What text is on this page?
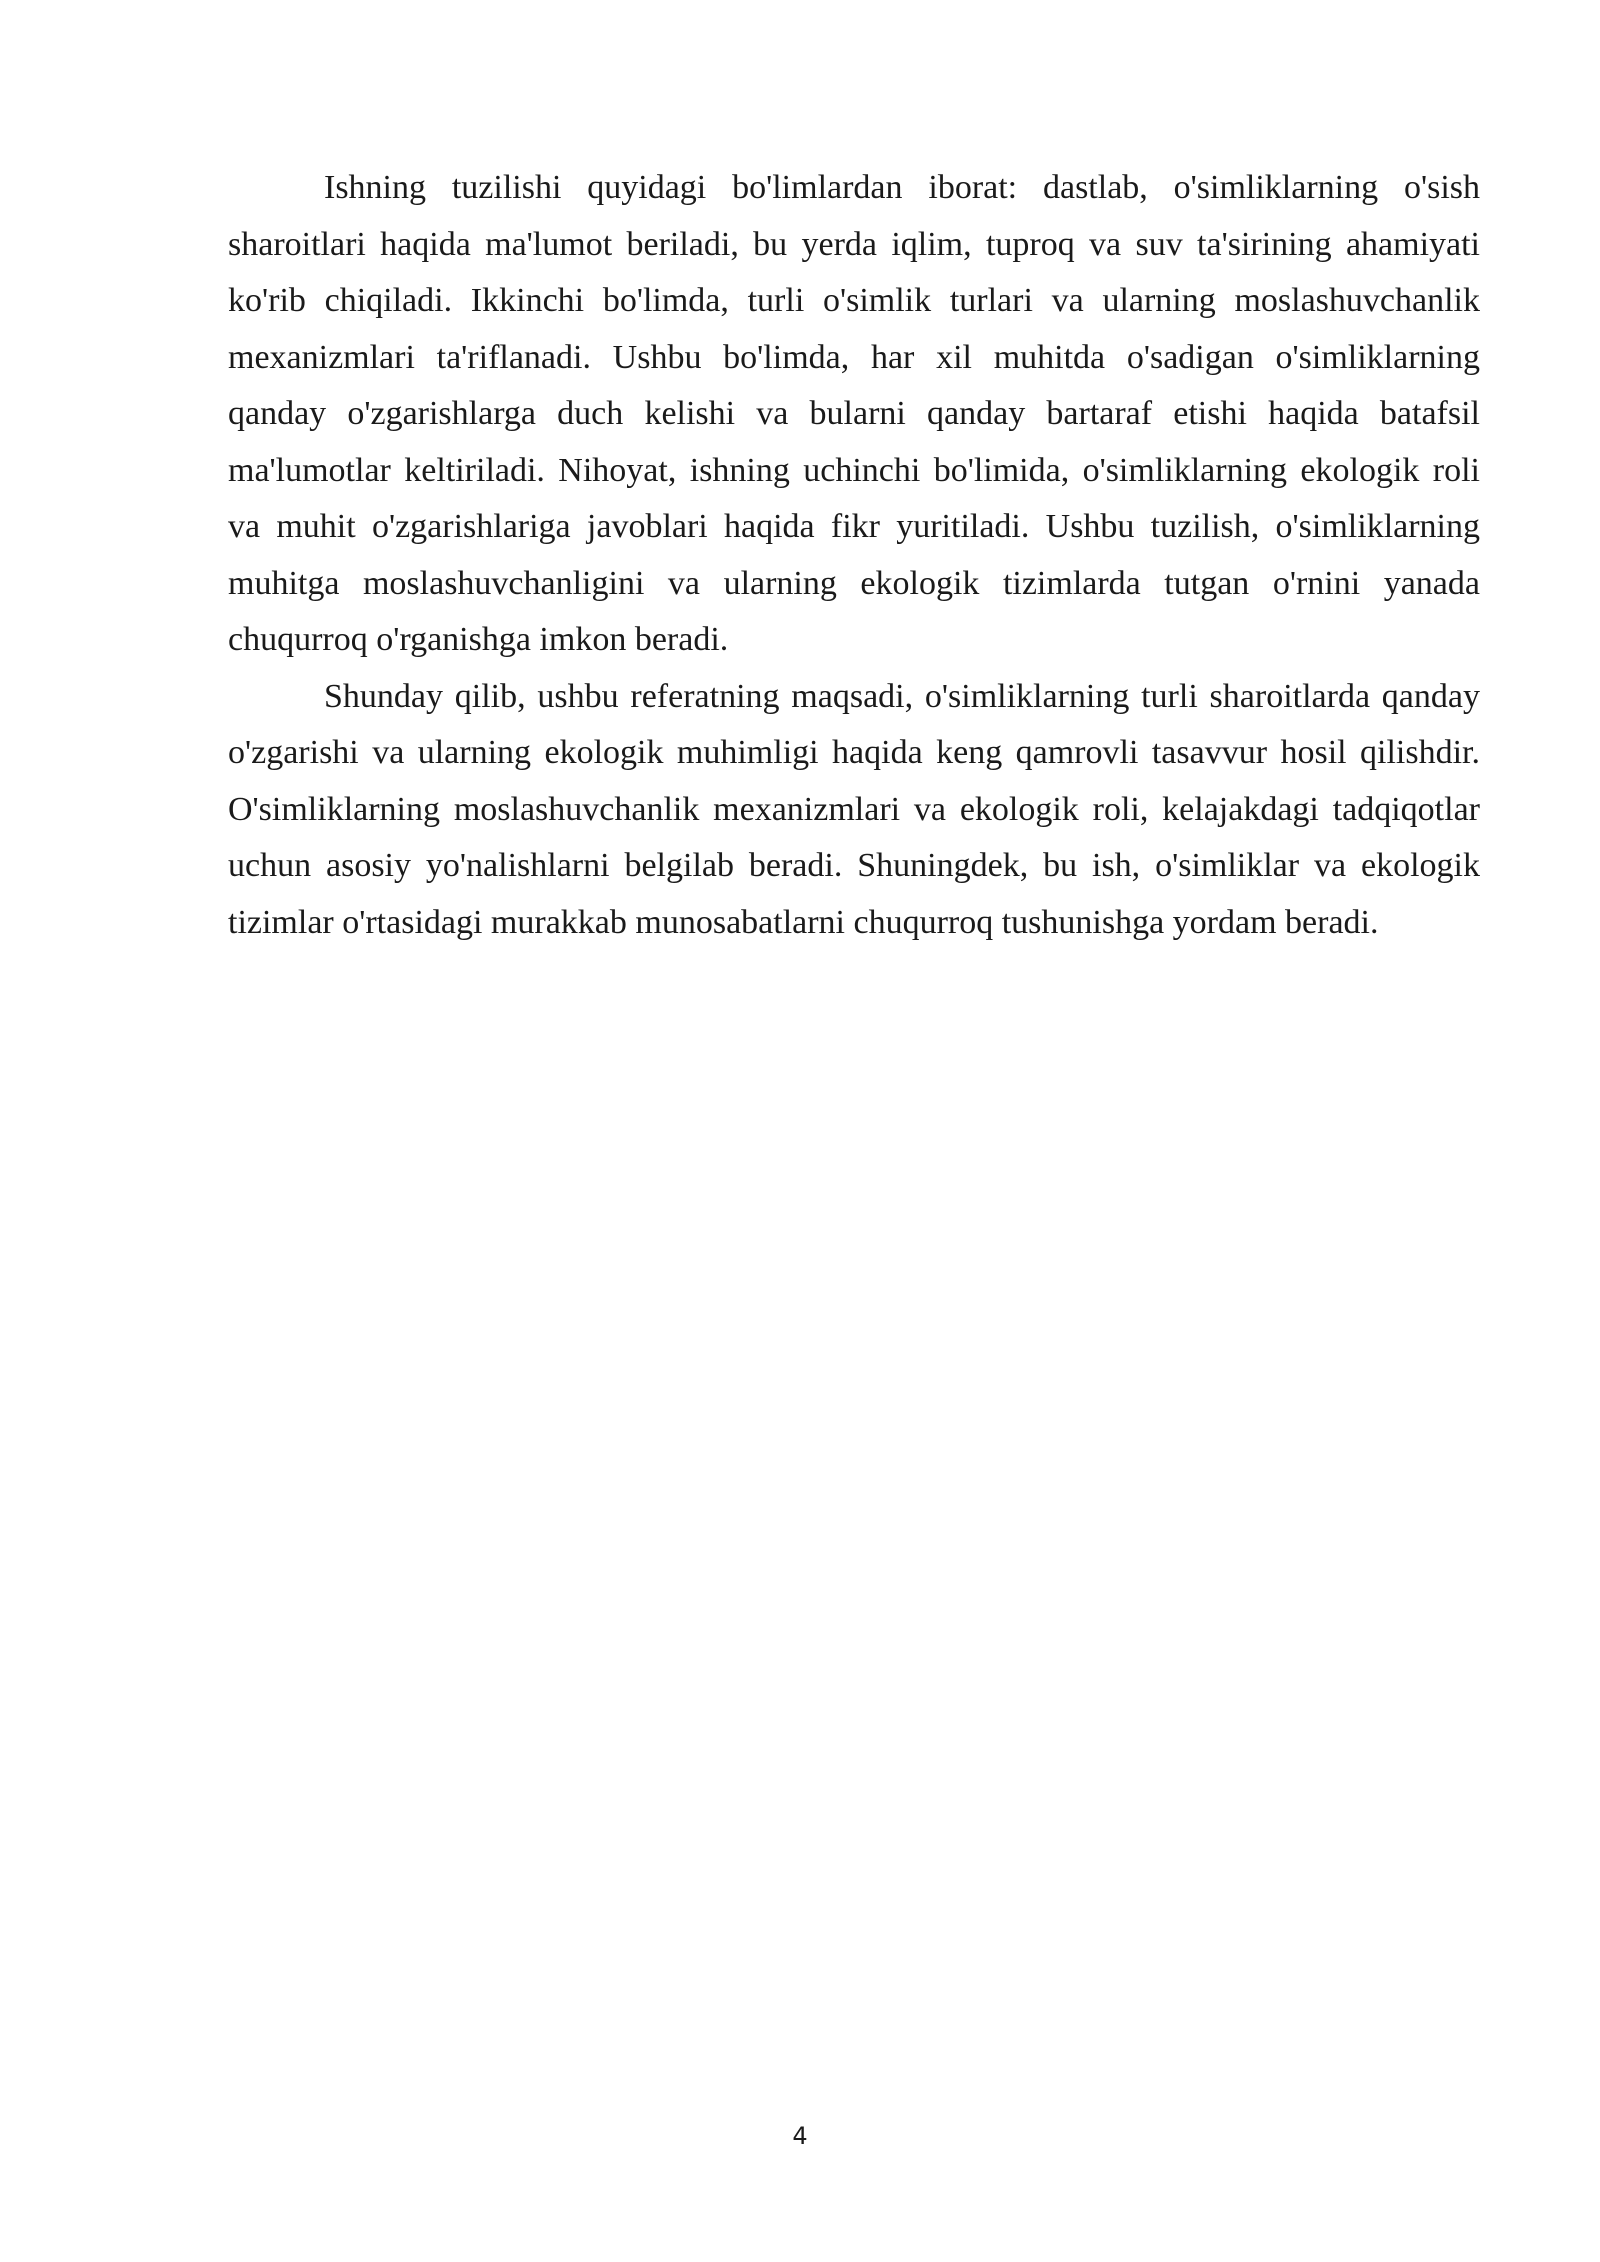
Ishning tuzilishi quyidagi bo'limlardan iborat: dastlab, o'simliklarning o'sish sharoitlari haqida ma'lumot beriladi, bu yerda iqlim, tuproq va suv ta'sirining ahamiyati ko'rib chiqiladi. Ikkinchi bo'limda, turli o'simlik turlari va ularning moslashuvchanlik mexanizmlari ta'riflanadi. Ushbu bo'limda, har xil muhitda o'sadigan o'simliklarning qanday o'zgarishlarga duch kelishi va bularni qanday bartaraf etishi haqida batafsil ma'lumotlar keltiriladi. Nihoyat, ishning uchinchi bo'limida, o'simliklarning ekologik roli va muhit o'zgarishlariga javoblari haqida fikr yuritiladi. Ushbu tuzilish, o'simliklarning muhitga moslashuvchanligini va ularning ekologik tizimlarda tutgan o'rnini yanada chuqurroq o'rganishga imkon beradi.

Shunday qilib, ushbu referatning maqsadi, o'simliklarning turli sharoitlarda qanday o'zgarishi va ularning ekologik muhimligi haqida keng qamrovli tasavvur hosil qilishdir. O'simliklarning moslashuvchanlik mexanizmlari va ekologik roli, kelajakdagi tadqiqotlar uchun asosiy yo'nalishlarni belgilab beradi. Shuningdek, bu ish, o'simliklar va ekologik tizimlar o'rtasidagi murakkab munosabatlarni chuqurroq tushunishga yordam beradi.

4
